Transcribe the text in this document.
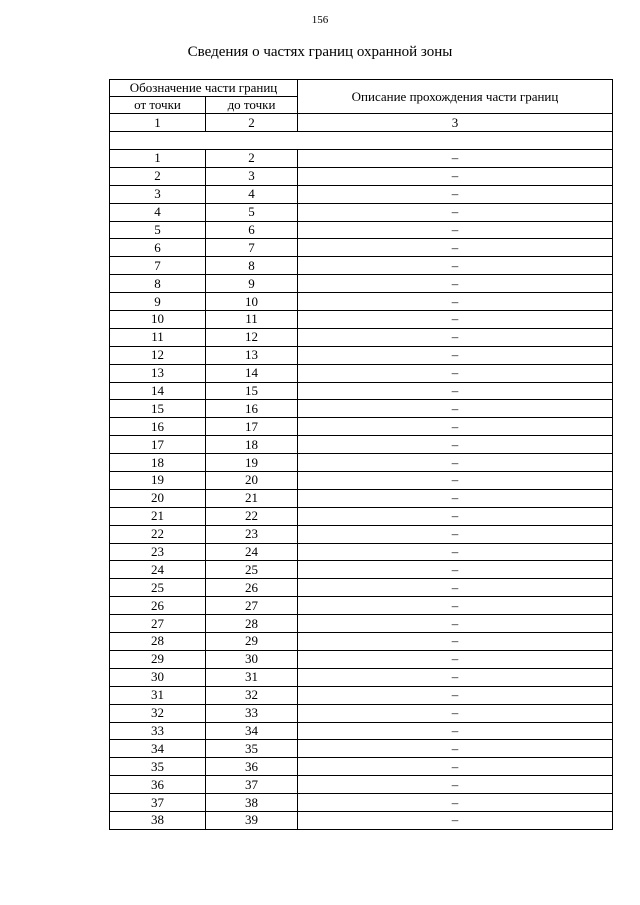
156
Сведения о частях границ охранной зоны
Обозначение части границ		Описание прохождения части границ
от точки	до точки	
1	2	3

1	2	–
2	3	–
3	4	–
4	5	–
5	6	–
6	7	–
7	8	–
8	9	–
9	10	–
10	11	–
11	12	–
12	13	–
13	14	–
14	15	–
15	16	–
16	17	–
17	18	–
18	19	–
19	20	–
20	21	–
21	22	–
22	23	–
23	24	–
24	25	–
25	26	–
26	27	–
27	28	–
28	29	–
29	30	–
30	31	–
31	32	–
32	33	–
33	34	–
34	35	–
35	36	–
36	37	–
37	38	–
38	39	–
